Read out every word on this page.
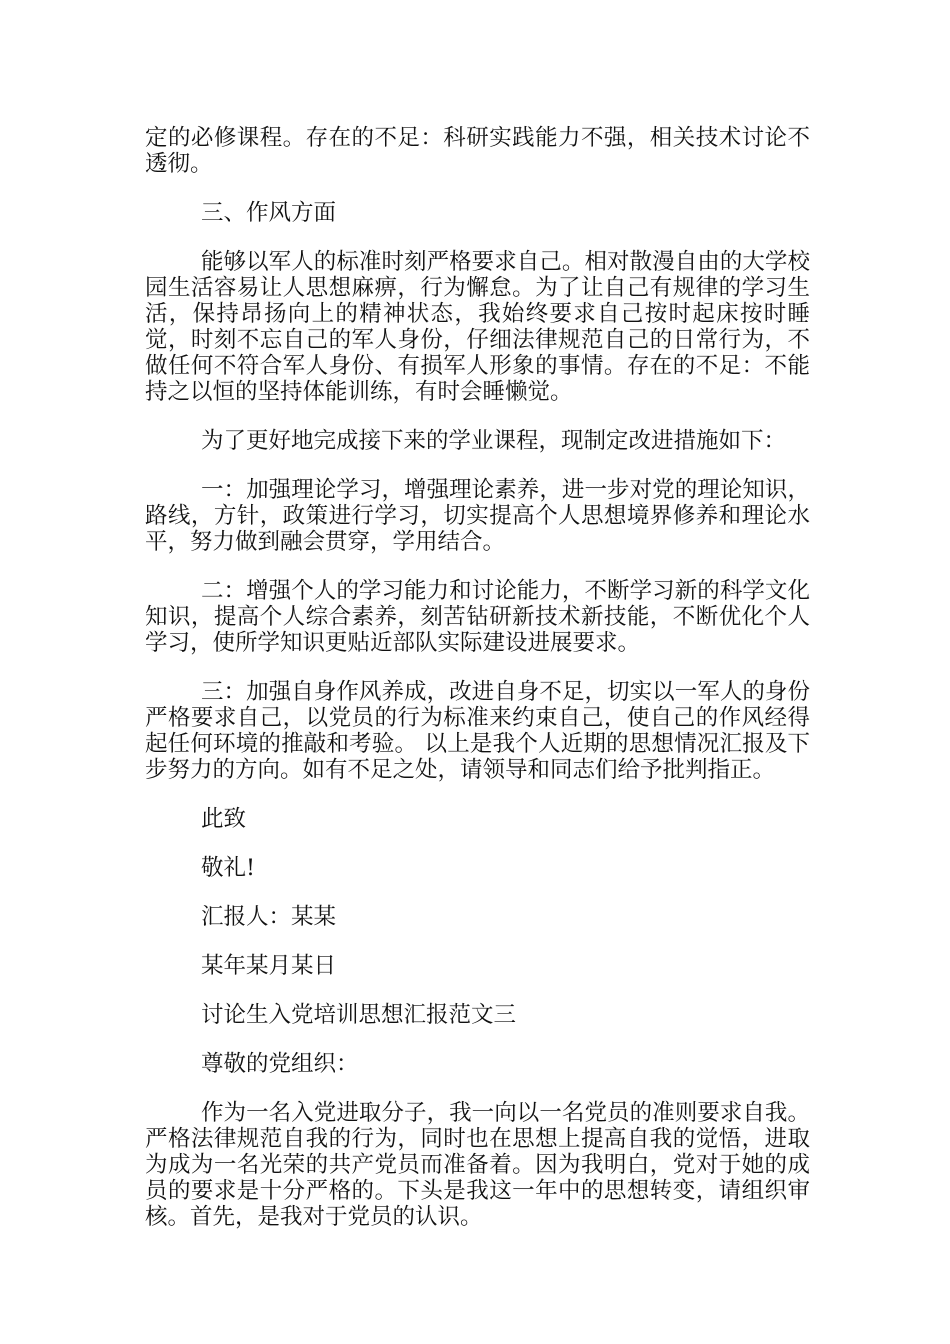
定的必修课程。存在的不足：科研实践能力不强，相关技术讨论不透彻。

三、作风方面

能够以军人的标准时刻严格要求自己。相对散漫自由的大学校园生活容易让人思想麻痹，行为懈怠。为了让自己有规律的学习生活，保持昂扬向上的精神状态，我始终要求自己按时起床按时睡觉，时刻不忘自己的军人身份，仔细法律规范自己的日常行为，不做任何不符合军人身份、有损军人形象的事情。存在的不足：不能持之以恒的坚持体能训练，有时会睡懒觉。

为了更好地完成接下来的学业课程，现制定改进措施如下：

一：加强理论学习，增强理论素养，进一步对党的理论知识，路线，方针，政策进行学习，切实提高个人思想境界修养和理论水平，努力做到融会贯穿，学用结合。

二：增强个人的学习能力和讨论能力，不断学习新的科学文化知识，提高个人综合素养，刻苦钻研新技术新技能，不断优化个人学习，使所学知识更贴近部队实际建设进展要求。

三：加强自身作风养成，改进自身不足，切实以一军人的身份严格要求自己，以党员的行为标准来约束自己，使自己的作风经得起任何环境的推敲和考验。 以上是我个人近期的思想情况汇报及下步努力的方向。如有不足之处，请领导和同志们给予批判指正。

此致

敬礼!

汇报人：某某

某年某月某日

讨论生入党培训思想汇报范文三

尊敬的党组织：

作为一名入党进取分子，我一向以一名党员的准则要求自我。严格法律规范自我的行为，同时也在思想上提高自我的觉悟，进取为成为一名光荣的共产党员而准备着。因为我明白，党对于她的成员的要求是十分严格的。下头是我这一年中的思想转变，请组织审核。首先，是我对于党员的认识。
